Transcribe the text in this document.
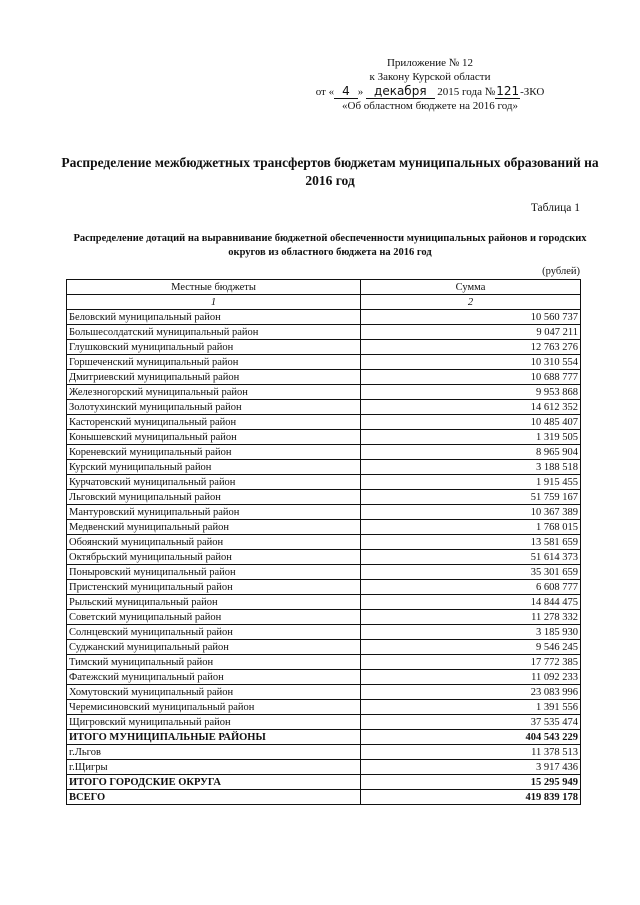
Приложение № 12
к Закону Курской области
от « 4 » декабря 2015 года №121-ЗКО
«Об областном бюджете на 2016 год»
Распределение межбюджетных трансфертов бюджетам муниципальных образований на 2016 год
Таблица 1
Распределение дотаций на выравнивание бюджетной обеспеченности муниципальных районов и городских округов из областного бюджета на 2016 год
(рублей)
Местные бюджеты	Сумма
1	2
Беловский муниципальный район	10 560 737
Большесолдатский муниципальный район	9 047 211
Глушковский муниципальный район	12 763 276
Горшеченский муниципальный район	10 310 554
Дмитриевский муниципальный район	10 688 777
Железногорский муниципальный район	9 953 868
Золотухинский муниципальный район	14 612 352
Касторенский муниципальный район	10 485 407
Конышевский муниципальный район	1 319 505
Кореневский муниципальный район	8 965 904
Курский муниципальный район	3 188 518
Курчатовский муниципальный район	1 915 455
Льговский муниципальный район	51 759 167
Мантуровский муниципальный район	10 367 389
Медвенский муниципальный район	1 768 015
Обоянский муниципальный район	13 581 659
Октябрьский муниципальный район	51 614 373
Поныровский муниципальный район	35 301 659
Пристенский муниципальный район	6 608 777
Рыльский муниципальный район	14 844 475
Советский муниципальный район	11 278 332
Солнцевский муниципальный район	3 185 930
Суджанский муниципальный район	9 546 245
Тимский муниципальный район	17 772 385
Фатежский муниципальный район	11 092 233
Хомутовский муниципальный район	23 083 996
Черемисиновский муниципальный район	1 391 556
Щигровский муниципальный район	37 535 474
ИТОГО МУНИЦИПАЛЬНЫЕ РАЙОНЫ	404 543 229
г.Льгов	11 378 513
г.Щигры	3 917 436
ИТОГО ГОРОДСКИЕ ОКРУГА	15 295 949
ВСЕГО	419 839 178
